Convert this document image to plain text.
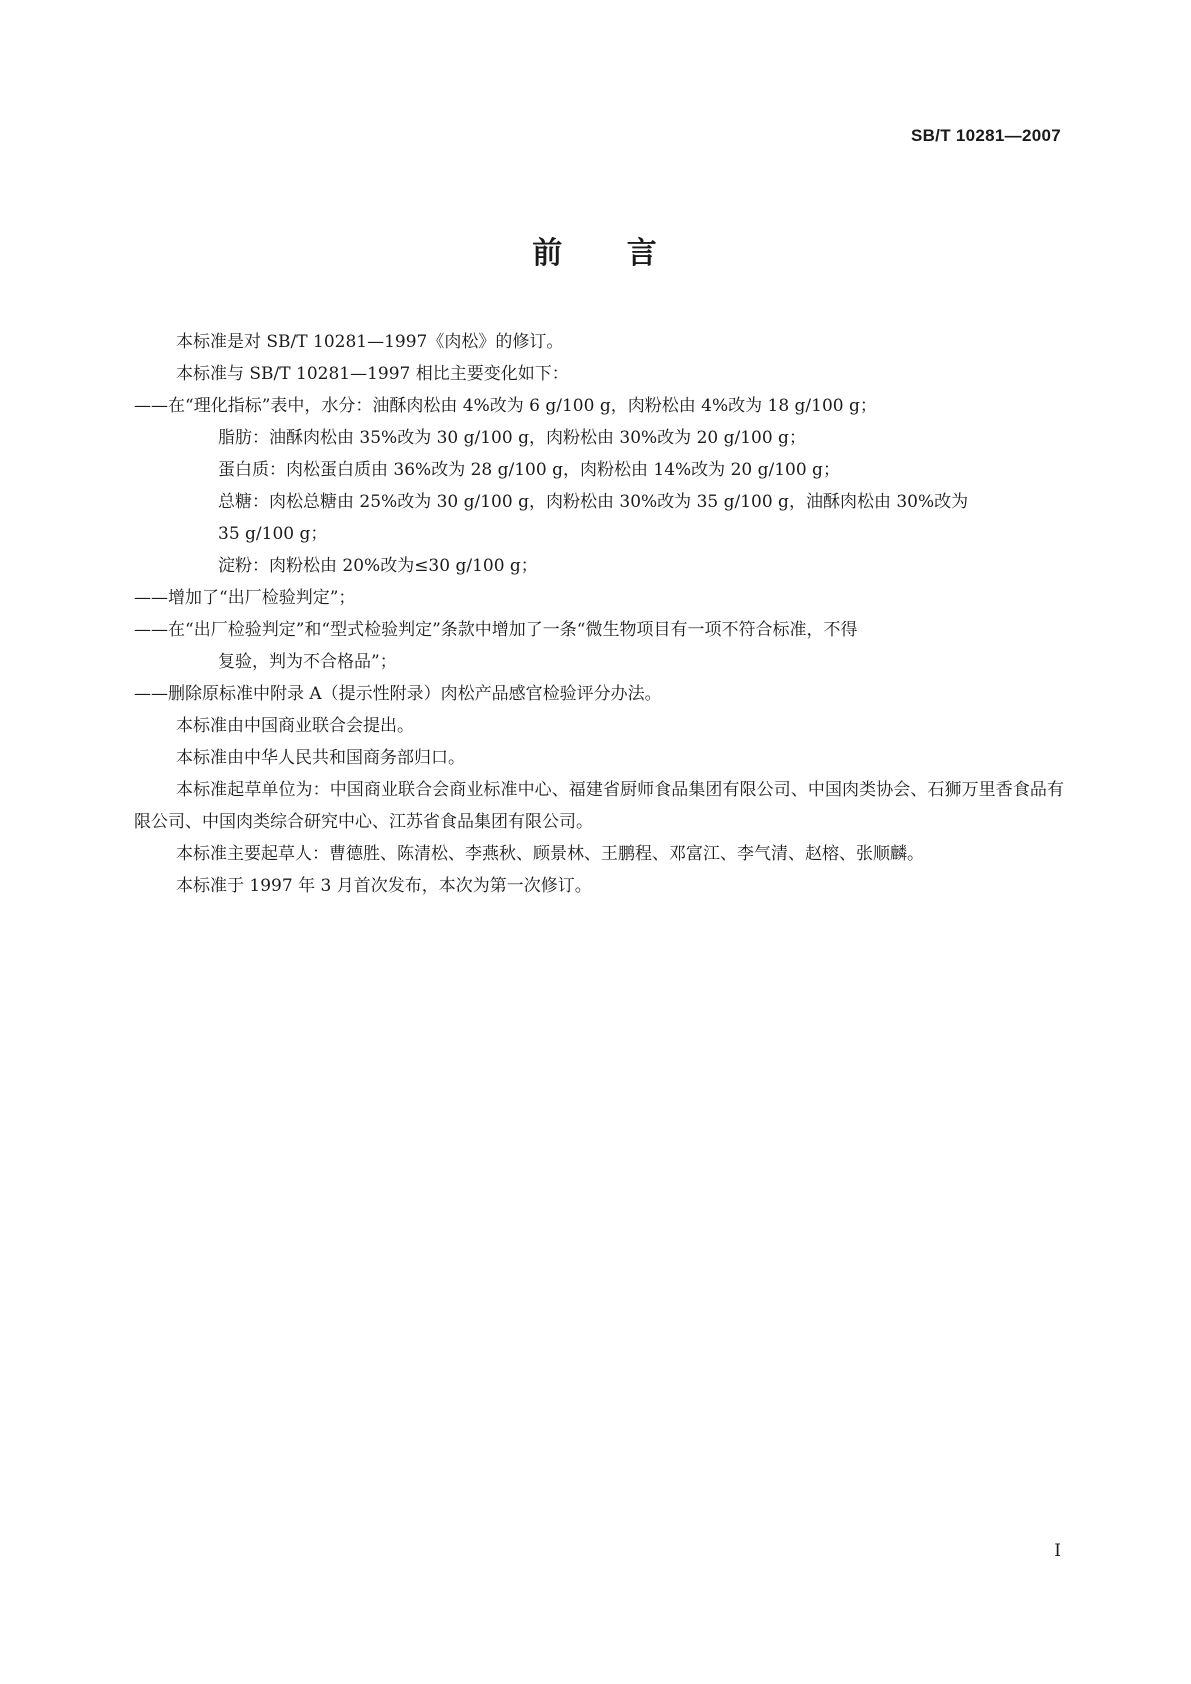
SB/T 10281—2007
前 言

本标准是对 SB/T 10281—1997《肉松》的修订。

本标准与 SB/T 10281—1997 相比主要变化如下：

——在“理化指标”表中，水分：油酥肉松由 4%改为 6 g/100 g，肉粉松由 4%改为 18 g/100 g；

脂肪：油酥肉松由 35%改为 30 g/100 g，肉粉松由 30%改为 20 g/100 g；

蛋白质：肉松蛋白质由 36%改为 28 g/100 g，肉粉松由 14%改为 20 g/100 g；

总糖：肉松总糖由 25%改为 30 g/100 g，肉粉松由 30%改为 35 g/100 g，油酥肉松由 30%改为

35 g/100 g；

淀粉：肉粉松由 20%改为≤30 g/100 g；

——增加了“出厂检验判定”；

——在“出厂检验判定”和“型式检验判定”条款中增加了一条“微生物项目有一项不符合标准，不得

复验，判为不合格品”；

——删除原标准中附录 A（提示性附录）肉松产品感官检验评分办法。

本标准由中国商业联合会提出。

本标准由中华人民共和国商务部归口。

本标准起草单位为：中国商业联合会商业标准中心、福建省厨师食品集团有限公司、中国肉类协会、石狮万里香食品有限公司、中国肉类综合研究中心、江苏省食品集团有限公司。

本标准主要起草人：曹德胜、陈清松、李燕秋、顾景林、王鹏程、邓富江、李气清、赵榕、张顺麟。

本标准于 1997 年 3 月首次发布，本次为第一次修订。

I
